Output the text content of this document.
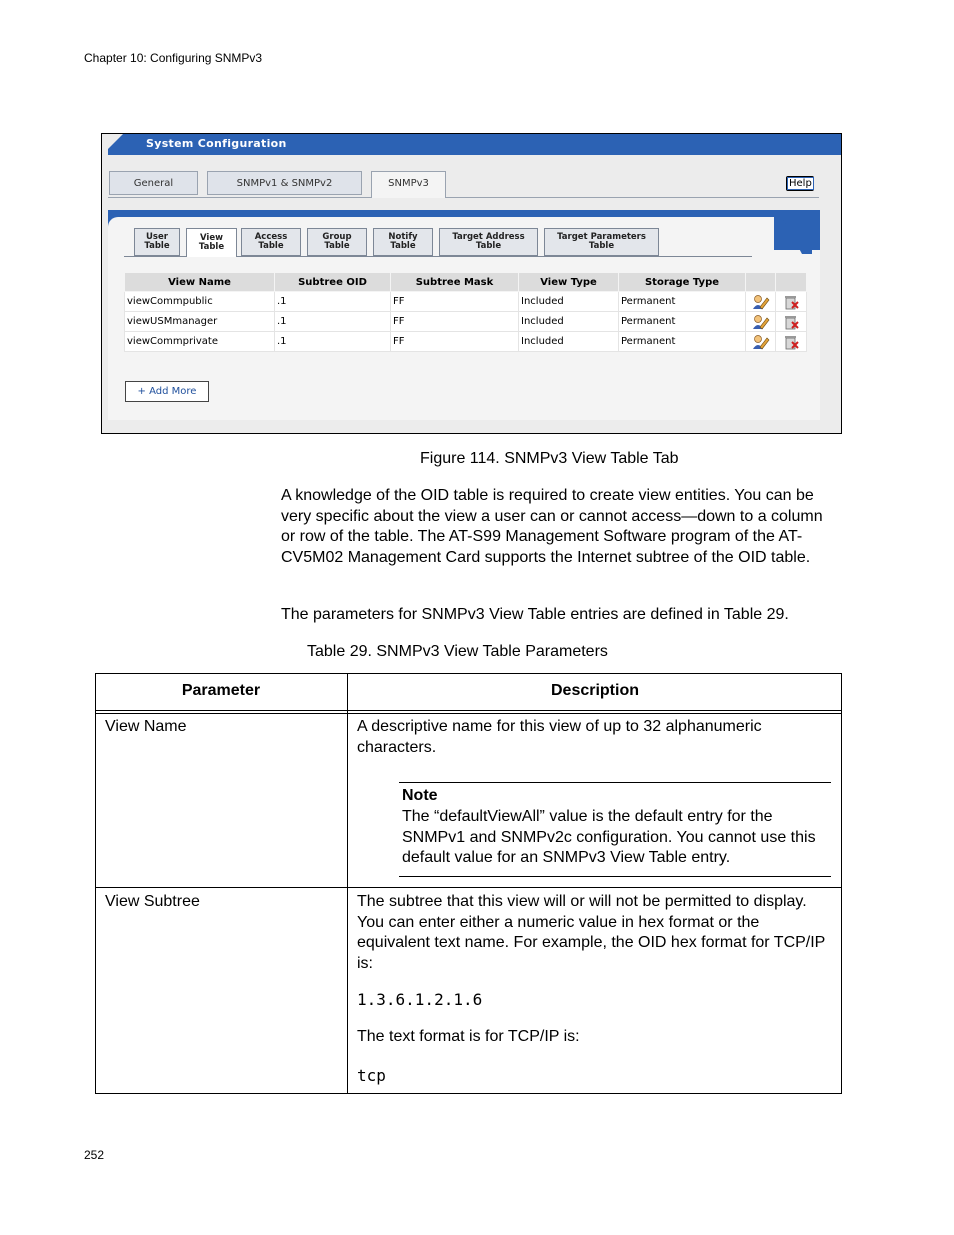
Chapter 10: Configuring SNMPv3
System Configuration
General	SNMPv1 & SNMPv2	SNMPv3	Help
User
Table
View
Table
Access
Table
Group
Table
Notify
Table
Target Address
Table
Target Parameters
Table
View Name	Subtree OID	Subtree Mask	View Type	Storage Type		
viewCommpublic	.1	FF	Included	Permanent		
viewUSMmanager	.1	FF	Included	Permanent		
viewCommprivate	.1	FF	Included	Permanent		
+ Add More
Figure 114. SNMPv3 View Table Tab
A knowledge of the OID table is required to create view entities. You can be very specific about the view a user can or cannot access—down to a column or row of the table. The AT-S99 Management Software program of the AT-CV5M02 Management Card supports the Internet subtree of the OID table.
The parameters for SNMPv3 View Table entries are defined in Table 29.
Table 29. SNMPv3 View Table Parameters
Parameter	Description
View Name	A descriptive name for this view of up to 32 alphanumeric characters.
Note
The “defaultViewAll” value is the default entry for the SNMPv1 and SNMPv2c configuration. You cannot use this default value for an SNMPv3 View Table entry.
View Subtree	The subtree that this view will or will not be permitted to display. You can enter either a numeric value in hex format or the equivalent text name. For example, the OID hex format for TCP/IP is:
1.3.6.1.2.1.6
The text format is for TCP/IP is:
tcp
252
